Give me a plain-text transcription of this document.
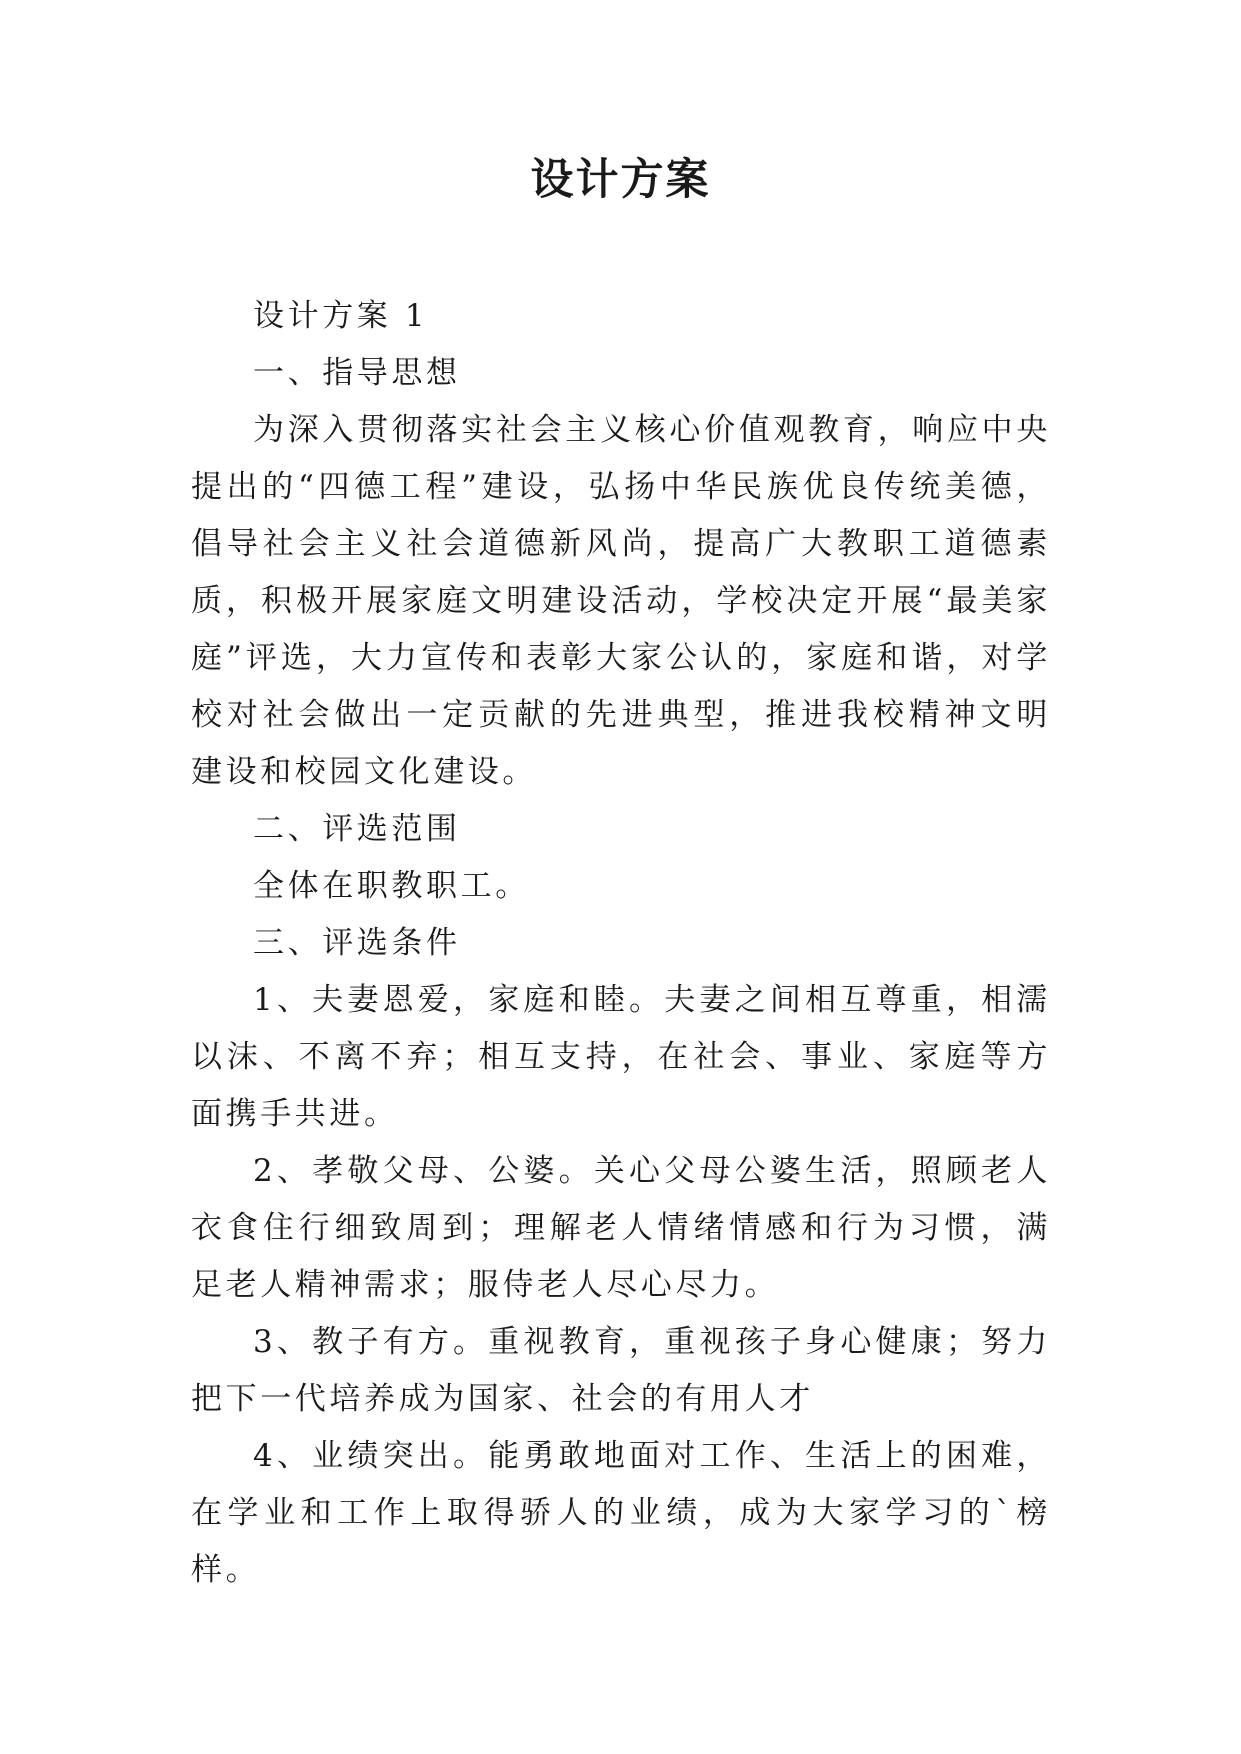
设计方案

设计方案 1

一、指导思想

为深入贯彻落实社会主义核心价值观教育，响应中央提出的“四德工程”建设，弘扬中华民族优良传统美德，倡导社会主义社会道德新风尚，提高广大教职工道德素质，积极开展家庭文明建设活动，学校决定开展“最美家庭”评选，大力宣传和表彰大家公认的，家庭和谐，对学校对社会做出一定贡献的先进典型，推进我校精神文明建设和校园文化建设。

二、评选范围

全体在职教职工。

三、评选条件

1、夫妻恩爱，家庭和睦。夫妻之间相互尊重，相濡以沫、不离不弃；相互支持，在社会、事业、家庭等方面携手共进。

2、孝敬父母、公婆。关心父母公婆生活，照顾老人衣食住行细致周到；理解老人情绪情感和行为习惯，满足老人精神需求；服侍老人尽心尽力。

3、教子有方。重视教育，重视孩子身心健康；努力把下一代培养成为国家、社会的有用人才

4、业绩突出。能勇敢地面对工作、生活上的困难，在学业和工作上取得骄人的业绩，成为大家学习的`榜样。
